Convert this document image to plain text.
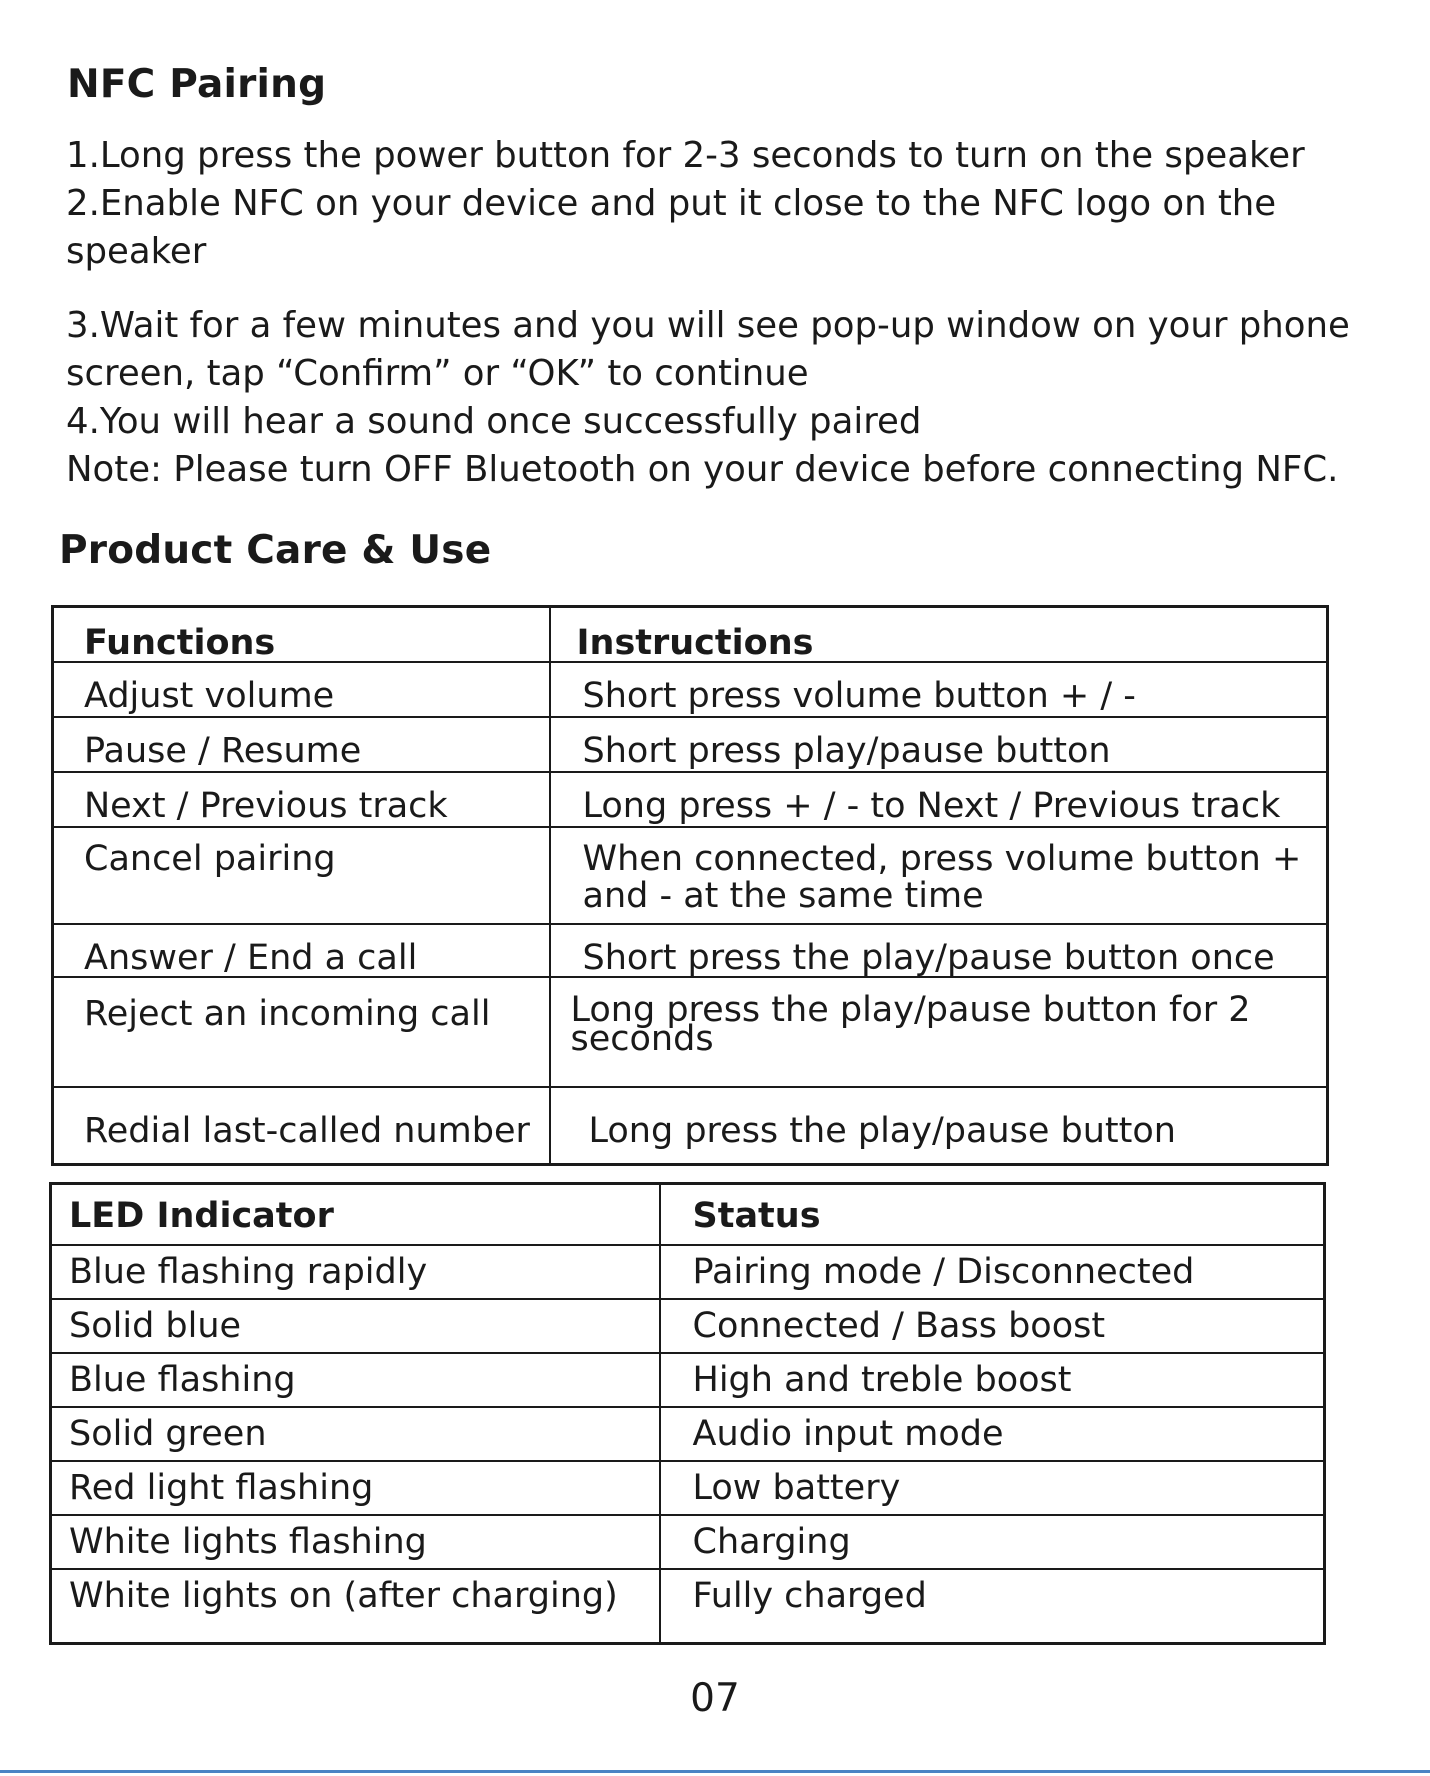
NFC Pairing

1.Long press the power button for 2-3 seconds to turn on the speaker

2.Enable NFC on your device and put it close to the NFC logo on the speaker

3.Wait for a few minutes and you will see pop-up window on your phone screen, tap “Confirm” or “OK” to continue

4.You will hear a sound once successfully paired

Note: Please turn OFF Bluetooth on your device before connecting NFC.

Product Care & Use
Functions	Instructions
Adjust volume	Short press volume button + / -
Pause / Resume	Short press play/pause button
Next / Previous track	Long press + / - to Next / Previous track
Cancel pairing	When connected, press volume button + and - at the same time
Answer / End a call	Short press the play/pause button once
Reject an incoming call	Long press the play/pause button for 2 seconds
Redial last-called number	Long press the play/pause button
LED Indicator	Status
Blue flashing rapidly	Pairing mode / Disconnected
Solid blue	Connected / Bass boost
Blue flashing	High and treble boost
Solid green	Audio input mode
Red light flashing	Low battery
White lights flashing	Charging
White lights on (after charging)	Fully charged
07
